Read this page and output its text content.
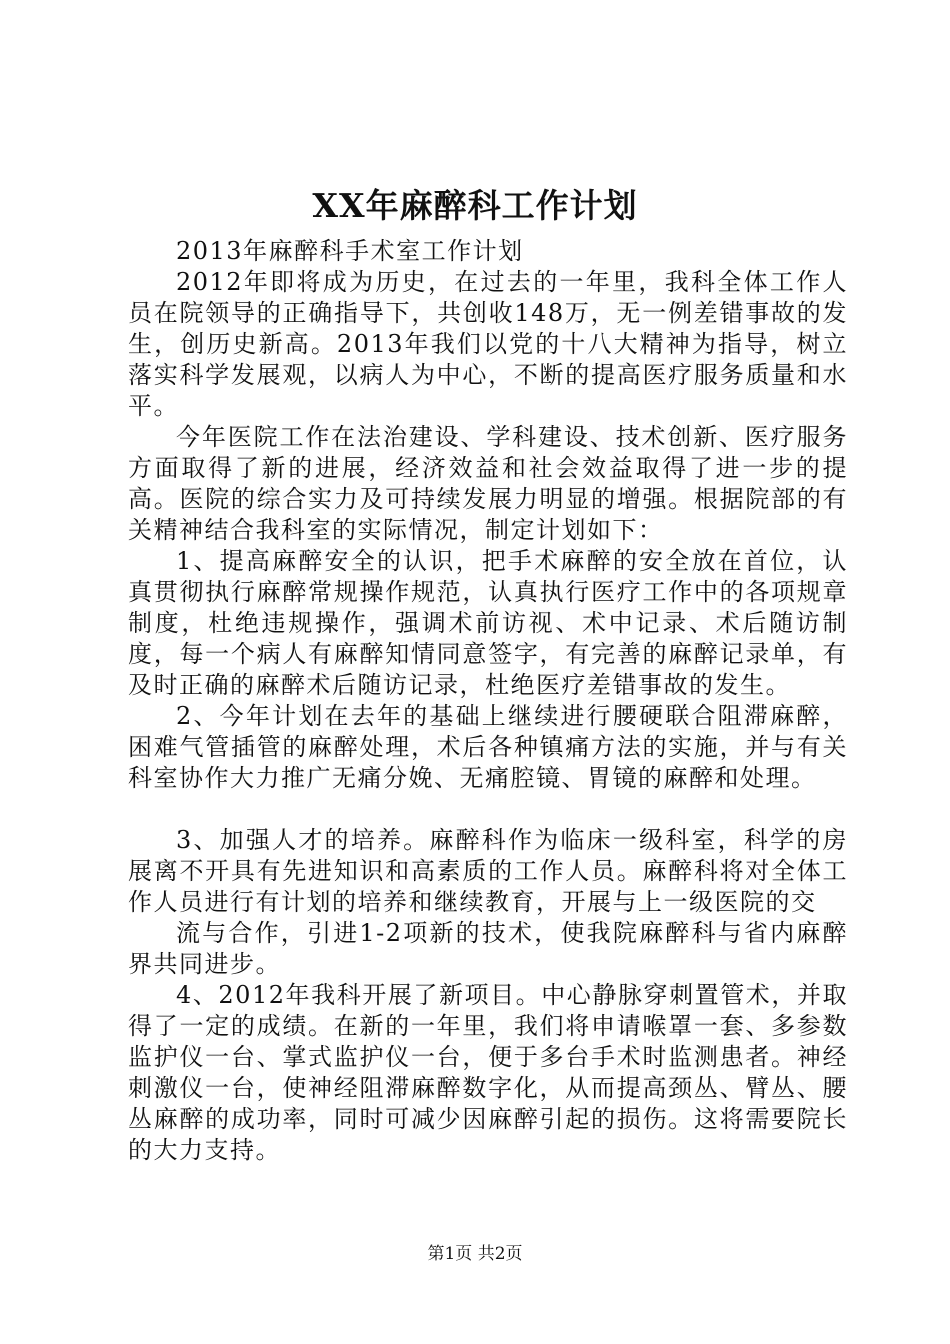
XX年麻醉科工作计划

2013年麻醉科手术室工作计划

2012年即将成为历史，在过去的一年里，我科全体工作人员在院领导的正确指导下，共创收148万，无一例差错事故的发生，创历史新高。2013年我们以党的十八大精神为指导，树立落实科学发展观，以病人为中心，不断的提高医疗服务质量和水平。

今年医院工作在法治建设、学科建设、技术创新、医疗服务方面取得了新的进展，经济效益和社会效益取得了进一步的提高。医院的综合实力及可持续发展力明显的增强。根据院部的有关精神结合我科室的实际情况，制定计划如下：

1、提高麻醉安全的认识，把手术麻醉的安全放在首位，认真贯彻执行麻醉常规操作规范，认真执行医疗工作中的各项规章制度，杜绝违规操作，强调术前访视、术中记录、术后随访制度，每一个病人有麻醉知情同意签字，有完善的麻醉记录单，有及时正确的麻醉术后随访记录，杜绝医疗差错事故的发生。

2、今年计划在去年的基础上继续进行腰硬联合阻滞麻醉，困难气管插管的麻醉处理，术后各种镇痛方法的实施，并与有关科室协作大力推广无痛分娩、无痛腔镜、胃镜的麻醉和处理。

3、加强人才的培养。麻醉科作为临床一级科室，科学的房展离不开具有先进知识和高素质的工作人员。麻醉科将对全体工作人员进行有计划的培养和继续教育，开展与上一级医院的交

流与合作，引进1-2项新的技术，使我院麻醉科与省内麻醉界共同进步。

4、2012年我科开展了新项目。中心静脉穿刺置管术，并取得了一定的成绩。在新的一年里，我们将申请喉罩一套、多参数监护仪一台、掌式监护仪一台，便于多台手术时监测患者。神经刺激仪一台，使神经阻滞麻醉数字化，从而提高颈丛、臂丛、腰丛麻醉的成功率，同时可减少因麻醉引起的损伤。这将需要院长的大力支持。

第1页 共2页
